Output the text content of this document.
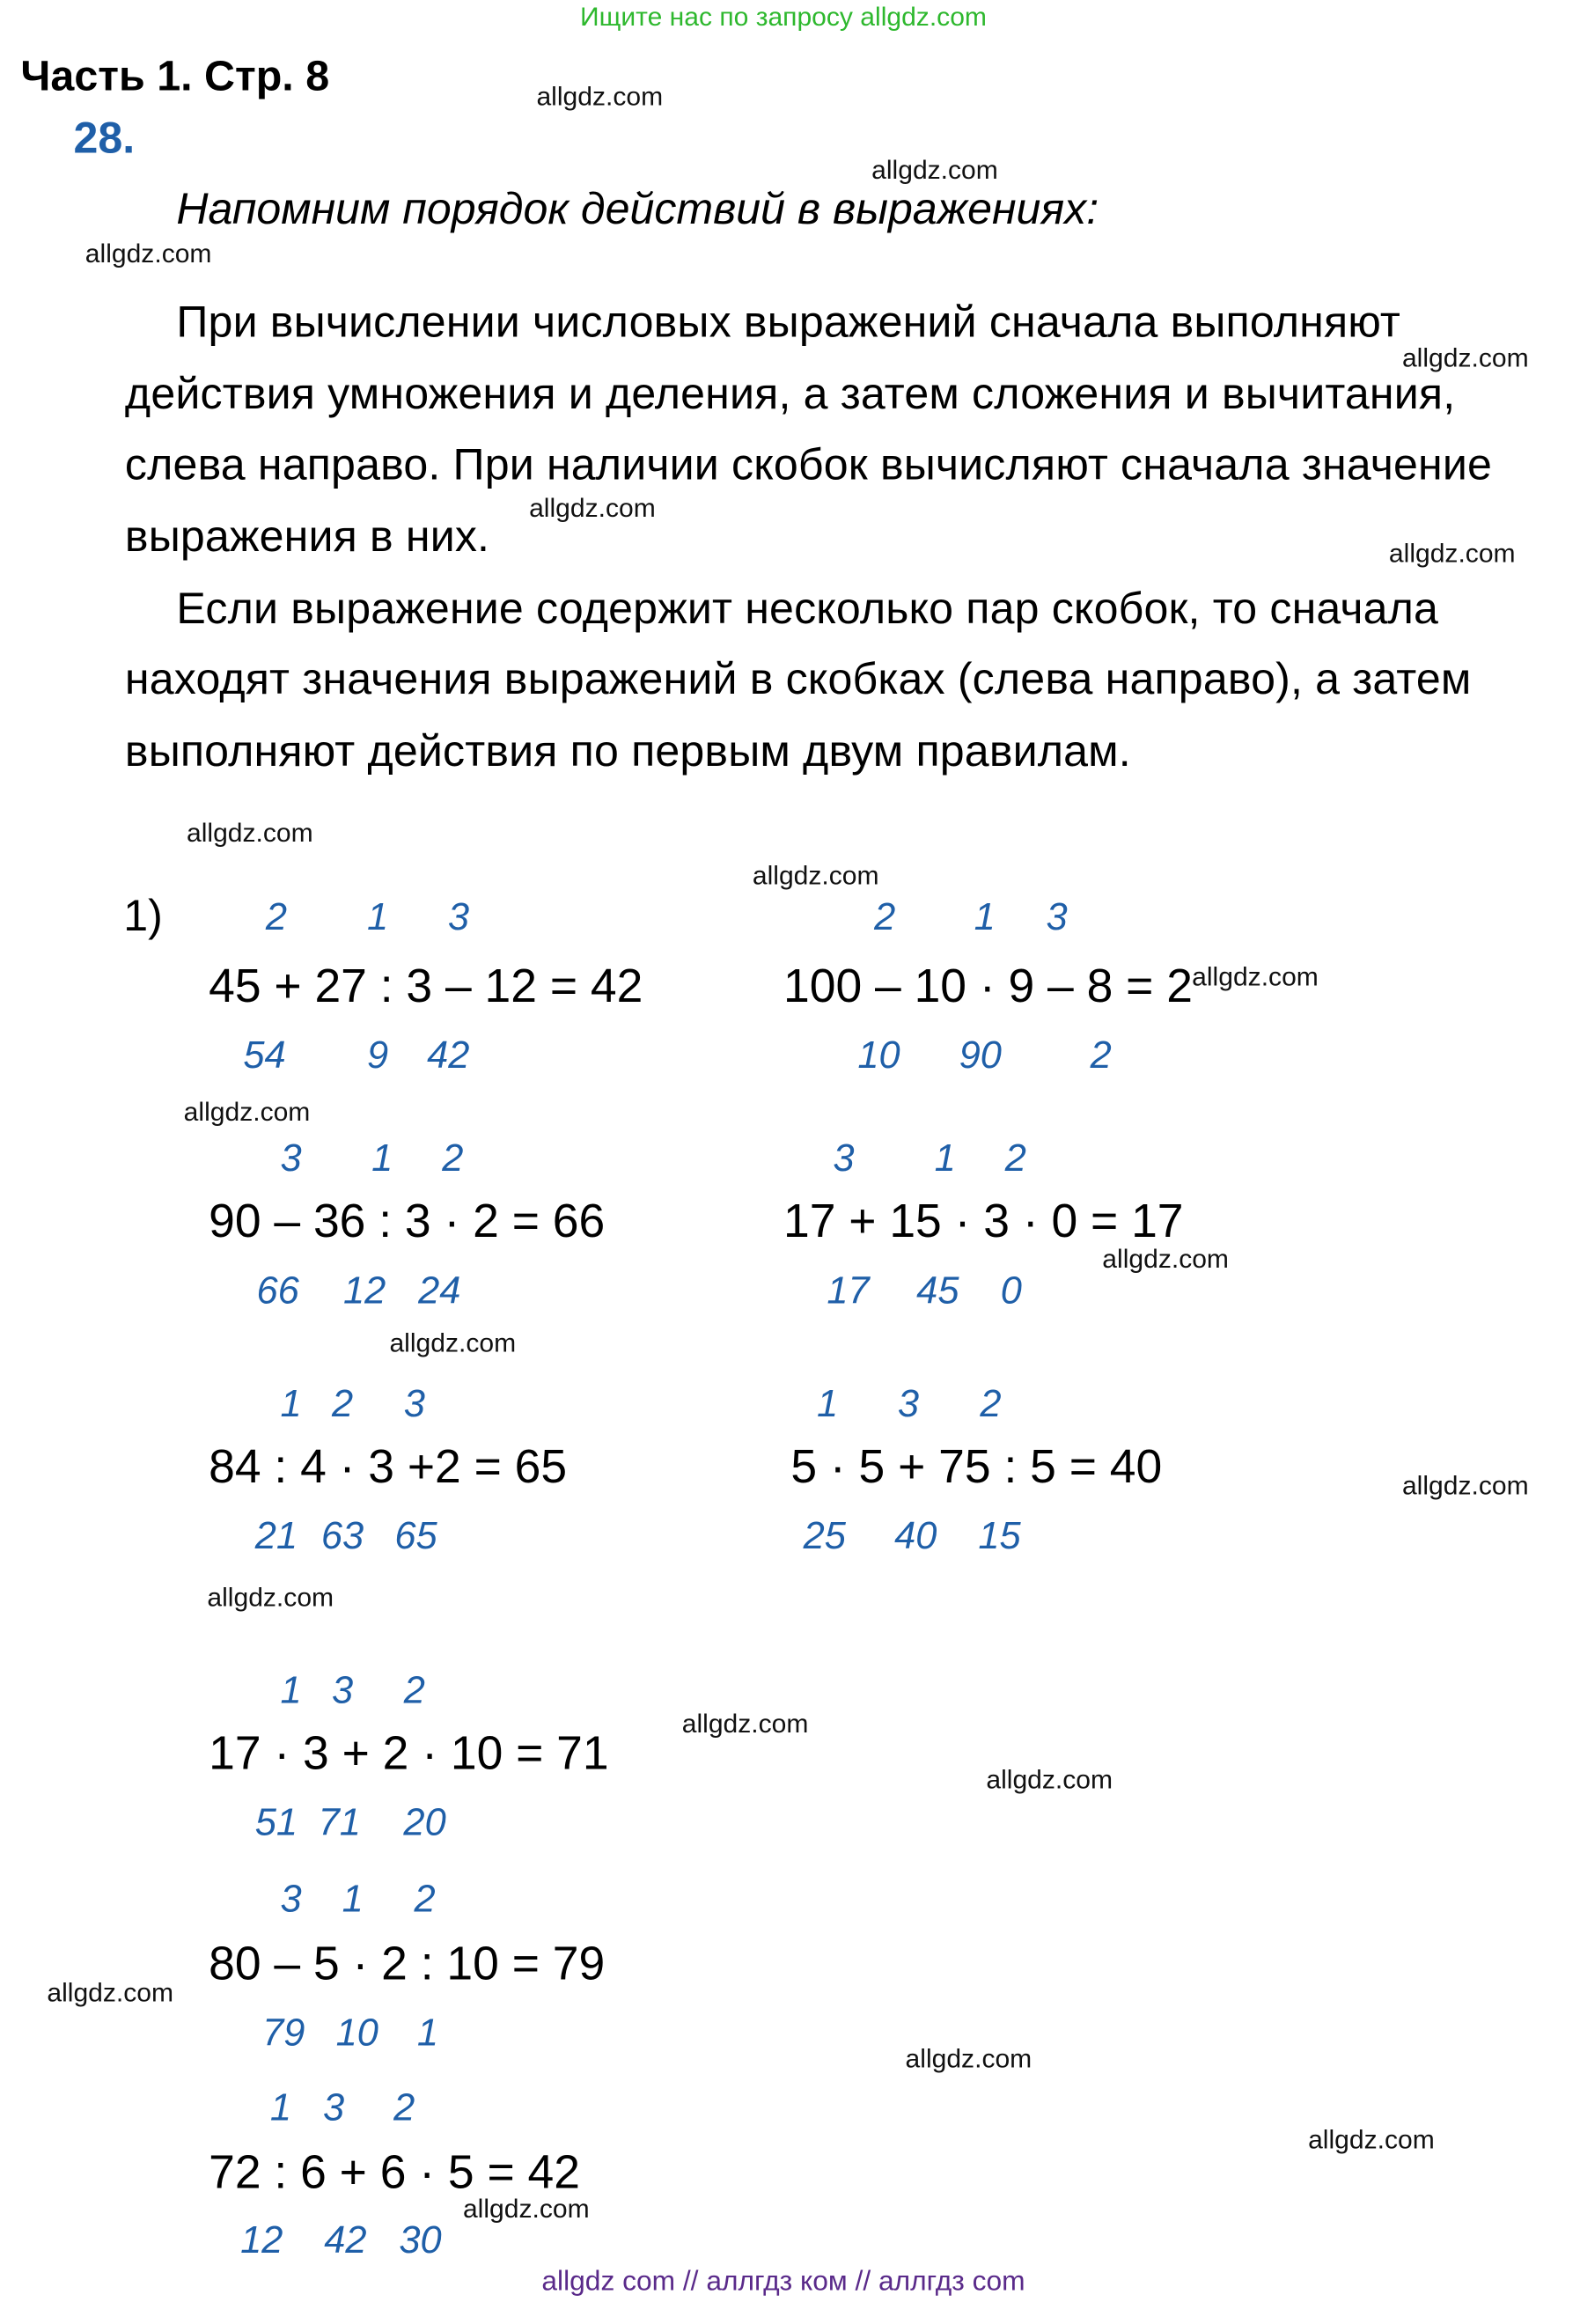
Ищите нас по запросу allgdz.com
Часть 1. Стр. 8
28.
Напомним порядок действий в выражениях:
При вычислении числовых выражений сначала выполняют
действия умножения и деления, а затем сложения и вычитания,
слева направо. При наличии скобок вычисляют сначала значение
выражения в них.
Если выражение содержит несколько пар скобок, то сначала
находят значения выражений в скобках (слева направо), а затем
выполняют действия по первым двум правилам.
1)	2	1	3
45 + 27 : 3 – 12 = 42
54	9 42
2	1 3
100 – 10 · 9 – 8 = 2
10	90	2
3	1 2
90 – 36 : 3 · 2 = 66
66 12 24
3	1 2
17 + 15 · 3 · 0 = 17
17 45 0
1 2 3
84 : 4 · 3 +2 = 65
21 63 65
1	3	2
5 · 5 + 75 : 5 = 40
25 40 15
1 3 2
17 · 3 + 2 · 10 = 71
51 71 20
3 1 2
80 – 5 · 2 : 10 = 79
79 10 1
1 3 2
72 : 6 + 6 · 5 = 42
12 42 30
allgdz.com
allgdz.com
allgdz.com
allgdz.com
allgdz.com
allgdz.com
allgdz.com
allgdz.com
allgdz.com
allgdz.com
allgdz.com
allgdz.com
allgdz.com
allgdz.com
allgdz.com
allgdz.com
allgdz.com
allgdz.com
allgdz.com
allgdz.com
allgdz com // аллгдз ком // аллгдз com
